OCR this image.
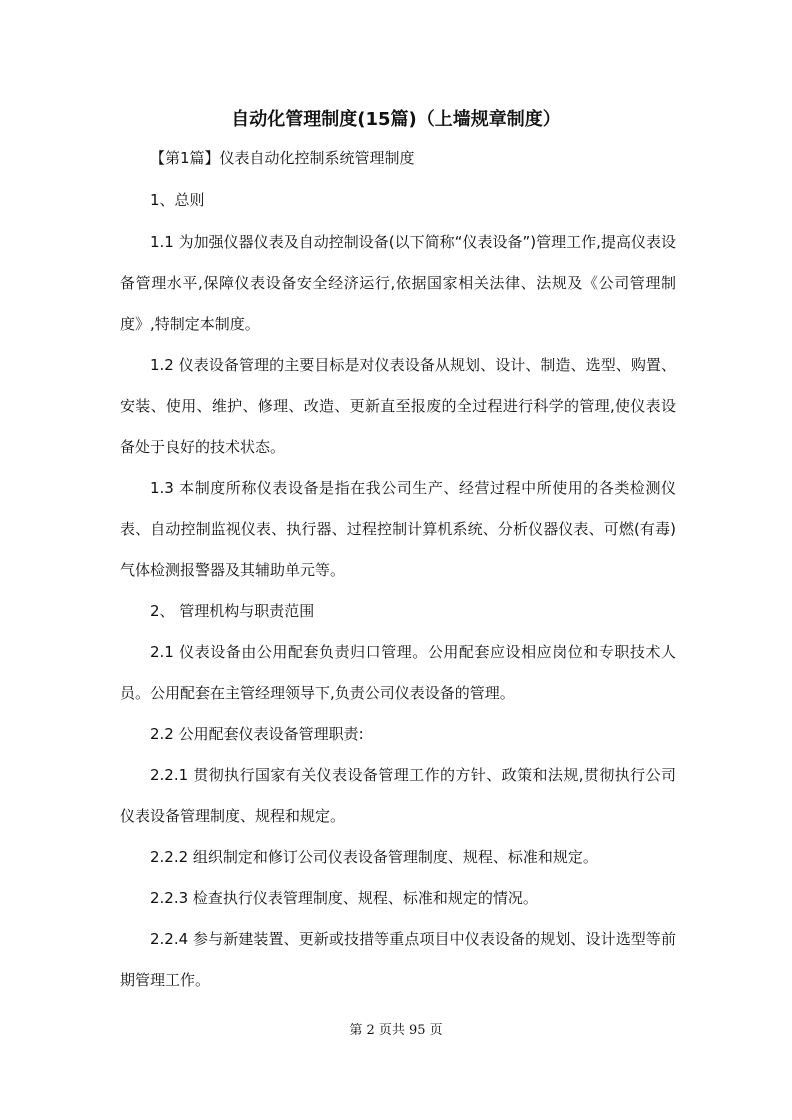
自动化管理制度(15篇)（上墙规章制度）

【第1篇】仪表自动化控制系统管理制度

1、总则

1.1 为加强仪器仪表及自动控制设备(以下简称“仪表设备”)管理工作,提高仪表设备管理水平,保障仪表设备安全经济运行,依据国家相关法律、法规及《公司管理制度》,特制定本制度。

1.2 仪表设备管理的主要目标是对仪表设备从规划、设计、制造、选型、购置、安装、使用、维护、修理、改造、更新直至报废的全过程进行科学的管理,使仪表设备处于良好的技术状态。

1.3 本制度所称仪表设备是指在我公司生产、经营过程中所使用的各类检测仪表、自动控制监视仪表、执行器、过程控制计算机系统、分析仪器仪表、可燃(有毒)气体检测报警器及其辅助单元等。

2、 管理机构与职责范围

2.1 仪表设备由公用配套负责归口管理。公用配套应设相应岗位和专职技术人员。公用配套在主管经理领导下,负责公司仪表设备的管理。

2.2 公用配套仪表设备管理职责:

2.2.1 贯彻执行国家有关仪表设备管理工作的方针、政策和法规,贯彻执行公司仪表设备管理制度、规程和规定。

2.2.2 组织制定和修订公司仪表设备管理制度、规程、标准和规定。

2.2.3 检查执行仪表管理制度、规程、标准和规定的情况。

2.2.4 参与新建装置、更新或技措等重点项目中仪表设备的规划、设计选型等前期管理工作。

第 2 页共 95 页
